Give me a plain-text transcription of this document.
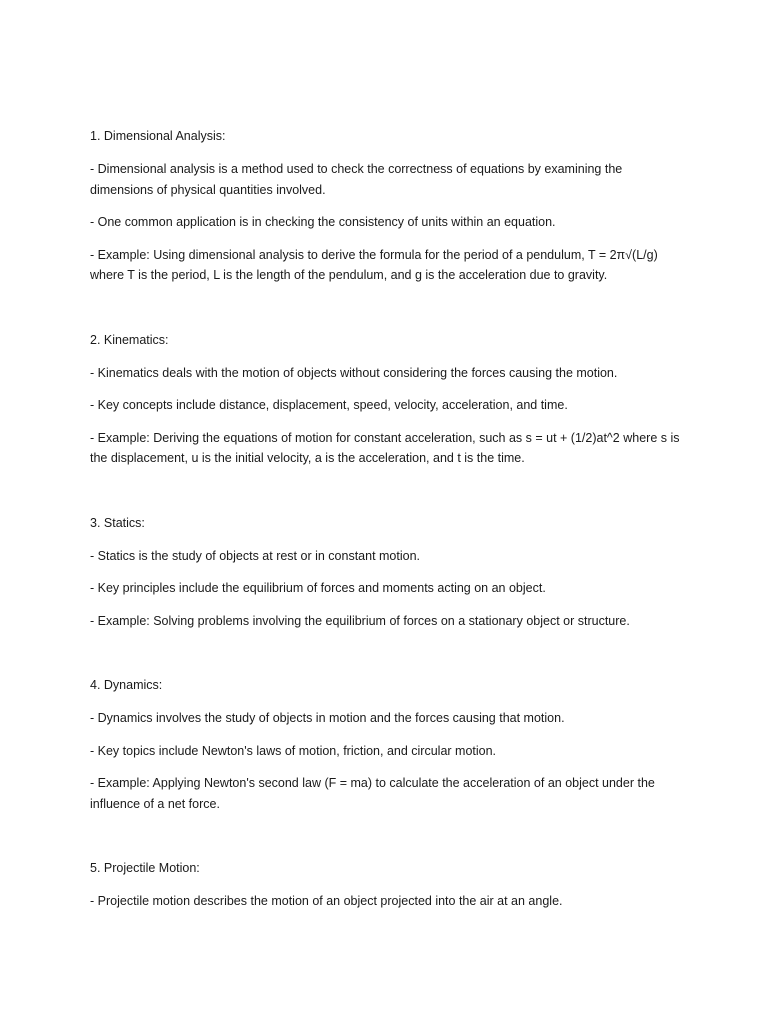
1. Dimensional Analysis:
- Dimensional analysis is a method used to check the correctness of equations by examining the dimensions of physical quantities involved.
- One common application is in checking the consistency of units within an equation.
- Example: Using dimensional analysis to derive the formula for the period of a pendulum, T = 2π√(L/g) where T is the period, L is the length of the pendulum, and g is the acceleration due to gravity.
2. Kinematics:
- Kinematics deals with the motion of objects without considering the forces causing the motion.
- Key concepts include distance, displacement, speed, velocity, acceleration, and time.
- Example: Deriving the equations of motion for constant acceleration, such as s = ut + (1/2)at^2 where s is the displacement, u is the initial velocity, a is the acceleration, and t is the time.
3. Statics:
- Statics is the study of objects at rest or in constant motion.
- Key principles include the equilibrium of forces and moments acting on an object.
- Example: Solving problems involving the equilibrium of forces on a stationary object or structure.
4. Dynamics:
- Dynamics involves the study of objects in motion and the forces causing that motion.
- Key topics include Newton's laws of motion, friction, and circular motion.
- Example: Applying Newton's second law (F = ma) to calculate the acceleration of an object under the influence of a net force.
5. Projectile Motion:
- Projectile motion describes the motion of an object projected into the air at an angle.
